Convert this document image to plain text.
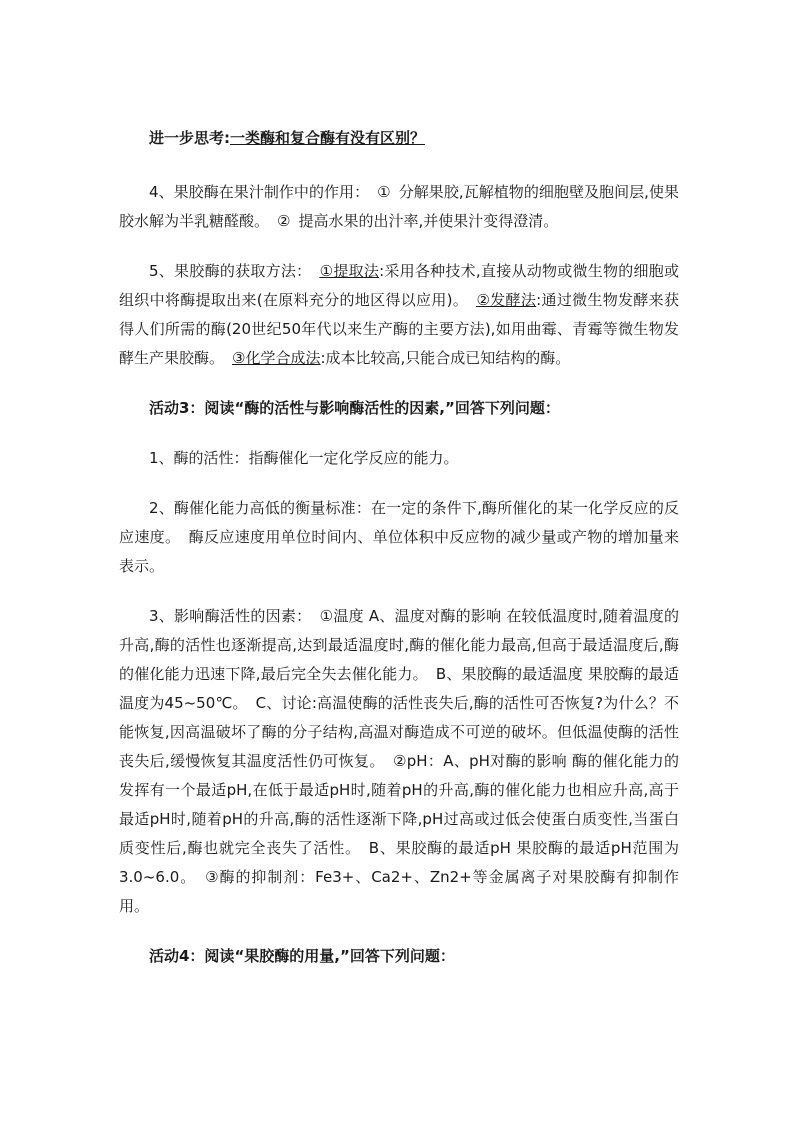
进一步思考:一类酶和复合酶有没有区别？

4、果胶酶在果汁制作中的作用： ① 分解果胶,瓦解植物的细胞壁及胞间层,使果胶水解为半乳糖醛酸。 ② 提高水果的出汁率,并使果汁变得澄清。

5、果胶酶的获取方法： ①提取法:采用各种技术,直接从动物或微生物的细胞或组织中将酶提取出来(在原料充分的地区得以应用)。 ②发酵法:通过微生物发酵来获得人们所需的酶(20世纪50年代以来生产酶的主要方法),如用曲霉、青霉等微生物发酵生产果胶酶。 ③化学合成法:成本比较高,只能合成已知结构的酶。

活动3：阅读“酶的活性与影响酶活性的因素,”回答下列问题：

1、酶的活性：指酶催化一定化学反应的能力。

2、酶催化能力高低的衡量标准：在一定的条件下,酶所催化的某一化学反应的反应速度。 酶反应速度用单位时间内、单位体积中反应物的减少量或产物的增加量来表示。

3、影响酶活性的因素： ①温度 A、温度对酶的影响 在较低温度时,随着温度的升高,酶的活性也逐渐提高,达到最适温度时,酶的催化能力最高,但高于最适温度后,酶的催化能力迅速下降,最后完全失去催化能力。 B、果胶酶的最适温度 果胶酶的最适温度为45~50℃。 C、讨论:高温使酶的活性丧失后,酶的活性可否恢复?为什么？不能恢复,因高温破坏了酶的分子结构,高温对酶造成不可逆的破坏。但低温使酶的活性丧失后,缓慢恢复其温度活性仍可恢复。 ②pH：A、pH对酶的影响 酶的催化能力的发挥有一个最适pH,在低于最适pH时,随着pH的升高,酶的催化能力也相应升高,高于最适pH时,随着pH的升高,酶的活性逐渐下降,pH过高或过低会使蛋白质变性,当蛋白质变性后,酶也就完全丧失了活性。 B、果胶酶的最适pH 果胶酶的最适pH范围为3.0~6.0。 ③酶的抑制剂：Fe3+、Ca2+、Zn2+等金属离子对果胶酶有抑制作用。

活动4：阅读“果胶酶的用量,”回答下列问题：
